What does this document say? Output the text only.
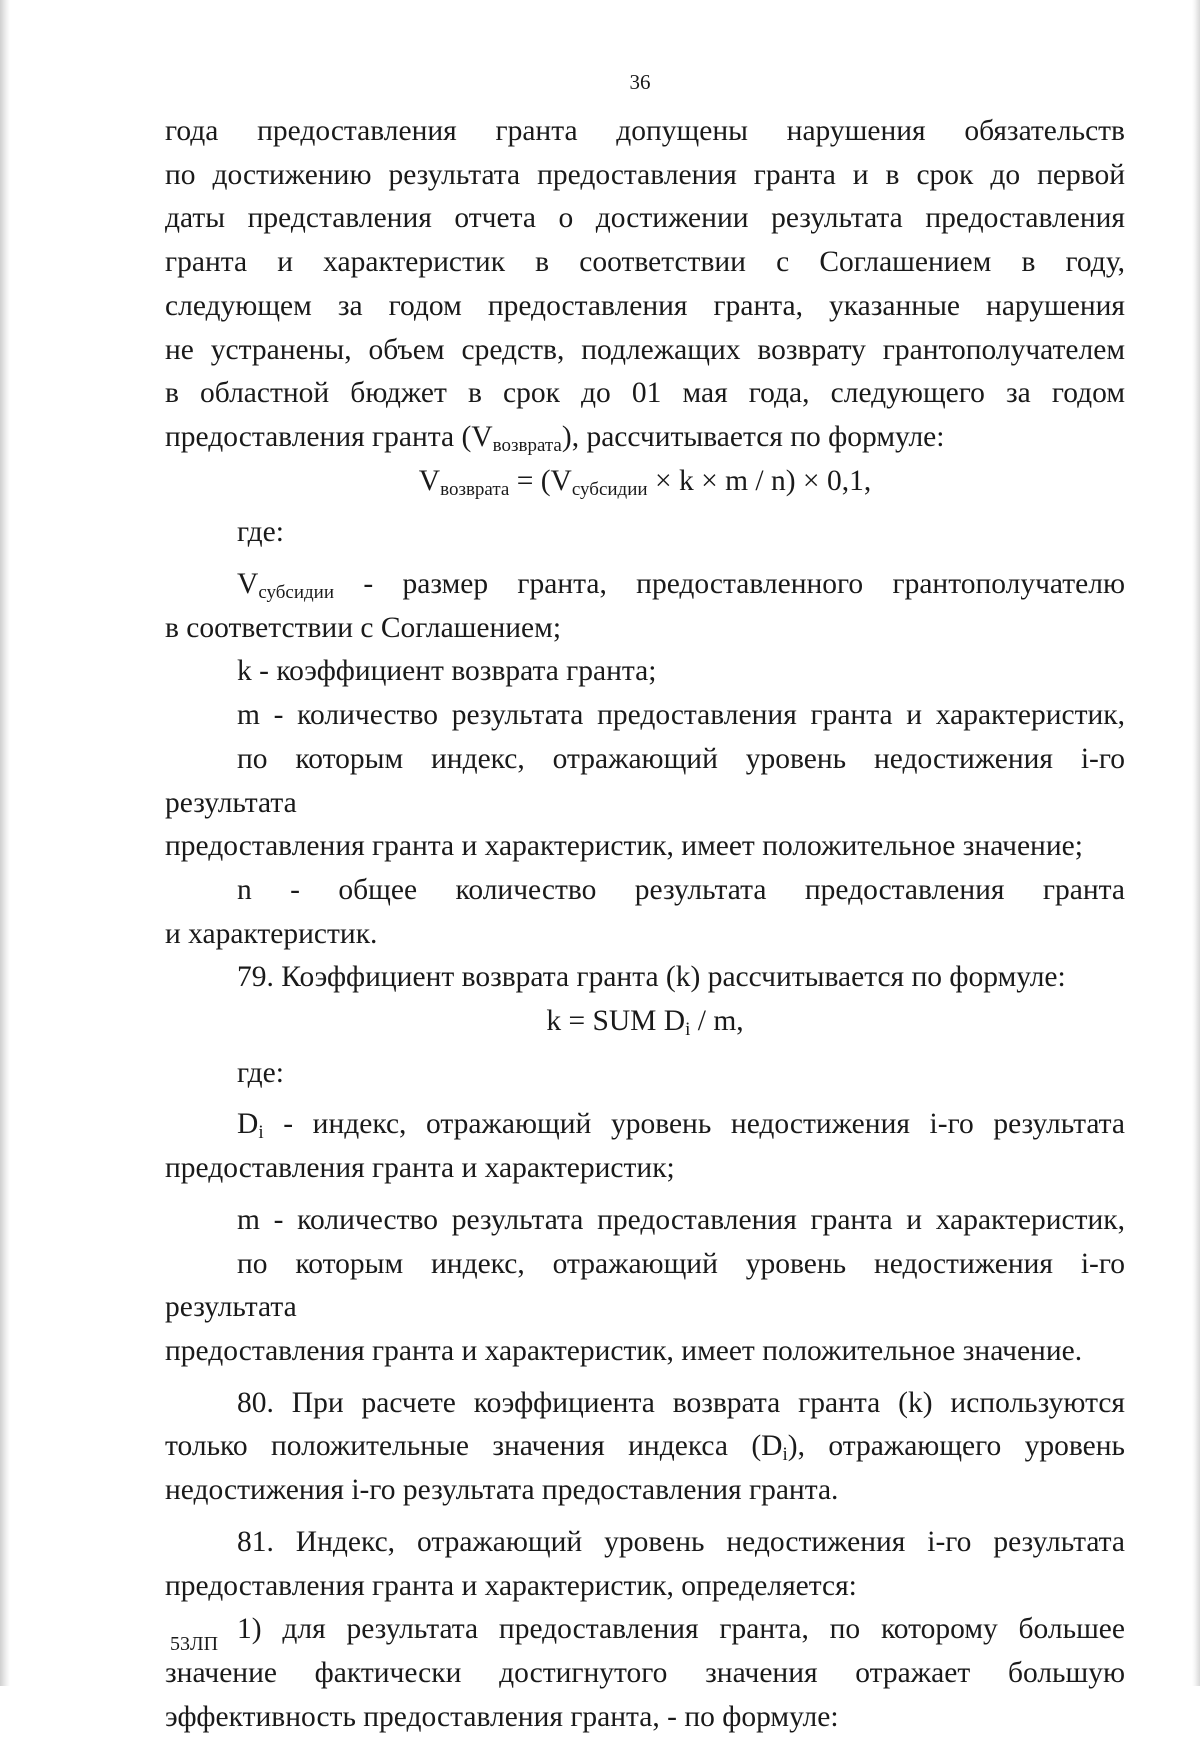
36
года предоставления гранта допущены нарушения обязательств
по достижению результата предоставления гранта и в срок до первой
даты представления отчета о достижении результата предоставления
гранта и характеристик в соответствии с Соглашением в году,
следующем за годом предоставления гранта, указанные нарушения
не устранены, объем средств, подлежащих возврату грантополучателем
в областной бюджет в срок до 01 мая года, следующего за годом
предоставления гранта $(V_{возврата})$, рассчитывается по формуле:
$V_{возврата} = (V_{субсидии} \times k \times m / n) \times 0,1$,
где:
$V_{субсидии}$ - размер гранта, предоставленного грантополучателю
в соответствии с Соглашением;
k - коэффициент возврата гранта;
m - количество результата предоставления гранта и характеристик,
по которым индекс, отражающий уровень недостижения i-го результата
предоставления гранта и характеристик, имеет положительное значение;
n - общее количество результата предоставления гранта
и характеристик.
79. Коэффициент возврата гранта (k) рассчитывается по формуле:
k = SUM $D_i$ / m,
где:
$D_i$ - индекс, отражающий уровень недостижения i-го результата
предоставления гранта и характеристик;
m - количество результата предоставления гранта и характеристик,
по которым индекс, отражающий уровень недостижения i-го результата
предоставления гранта и характеристик, имеет положительное значение.
80. При расчете коэффициента возврата гранта (k) используются
только положительные значения индекса $(D_i)$, отражающего уровень
недостижения i-го результата предоставления гранта.
81. Индекс, отражающий уровень недостижения i-го результата
предоставления гранта и характеристик, определяется:
1) для результата предоставления гранта, по которому большее
значение фактически достигнутого значения отражает большую
эффективность предоставления гранта, - по формуле:
53ЛП
